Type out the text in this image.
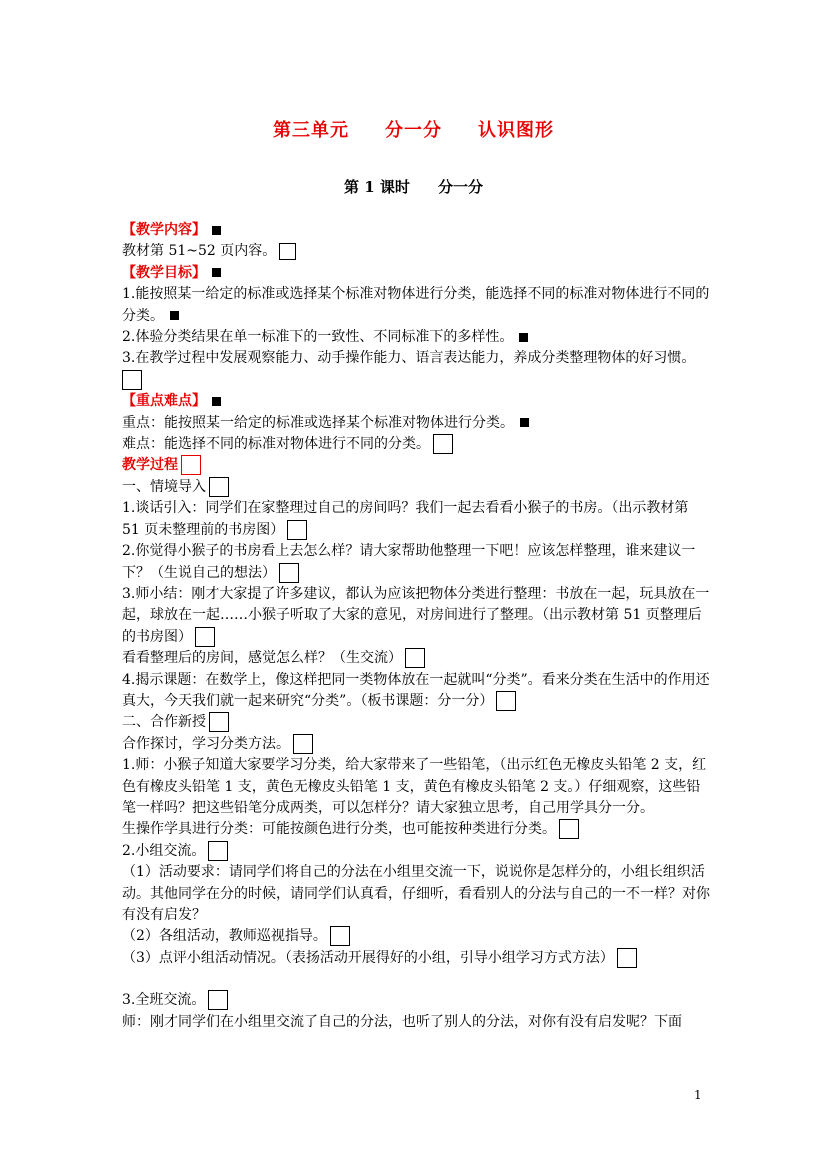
第三单元 分一分 认识图形
第 1 课时 分一分
【教学内容】
教材第 51~52 页内容。
【教学目标】
1.能按照某一给定的标准或选择某个标准对物体进行分类，能选择不同的标准对物体进行不同的分类。
2.体验分类结果在单一标准下的一致性、不同标准下的多样性。
3.在教学过程中发展观察能力、动手操作能力、语言表达能力，养成分类整理物体的好习惯。
【重点难点】
重点：能按照某一给定的标准或选择某个标准对物体进行分类。
难点：能选择不同的标准对物体进行不同的分类。
教学过程
一、情境导入
1.谈话引入：同学们在家整理过自己的房间吗？我们一起去看看小猴子的书房。（出示教材第 51 页未整理前的书房图）
2.你觉得小猴子的书房看上去怎么样？请大家帮助他整理一下吧！应该怎样整理，谁来建议一下？（生说自己的想法）
3.师小结：刚才大家提了许多建议，都认为应该把物体分类进行整理：书放在一起，玩具放在一起，球放在一起……小猴子听取了大家的意见，对房间进行了整理。（出示教材第 51 页整理后的书房图）
看看整理后的房间，感觉怎么样？（生交流）
4.揭示课题：在数学上，像这样把同一类物体放在一起就叫“分类”。看来分类在生活中的作用还真大，今天我们就一起来研究“分类”。（板书课题：分一分）
二、合作新授
合作探讨，学习分类方法。
1.师：小猴子知道大家要学习分类，给大家带来了一些铅笔，（出示红色无橡皮头铅笔 2 支，红色有橡皮头铅笔 1 支，黄色无橡皮头铅笔 1 支，黄色有橡皮头铅笔 2 支。）仔细观察，这些铅笔一样吗？把这些铅笔分成两类，可以怎样分？请大家独立思考，自己用学具分一分。
生操作学具进行分类：可能按颜色进行分类，也可能按种类进行分类。
2.小组交流。
（1）活动要求：请同学们将自己的分法在小组里交流一下，说说你是怎样分的，小组长组织活动。其他同学在分的时候，请同学们认真看，仔细听，看看别人的分法与自己的一不一样？对你有没有启发？
（2）各组活动，教师巡视指导。
（3）点评小组活动情况。（表扬活动开展得好的小组，引导小组学习方式方法）
3.全班交流。
师：刚才同学们在小组里交流了自己的分法，也听了别人的分法，对你有没有启发呢？下面
1
